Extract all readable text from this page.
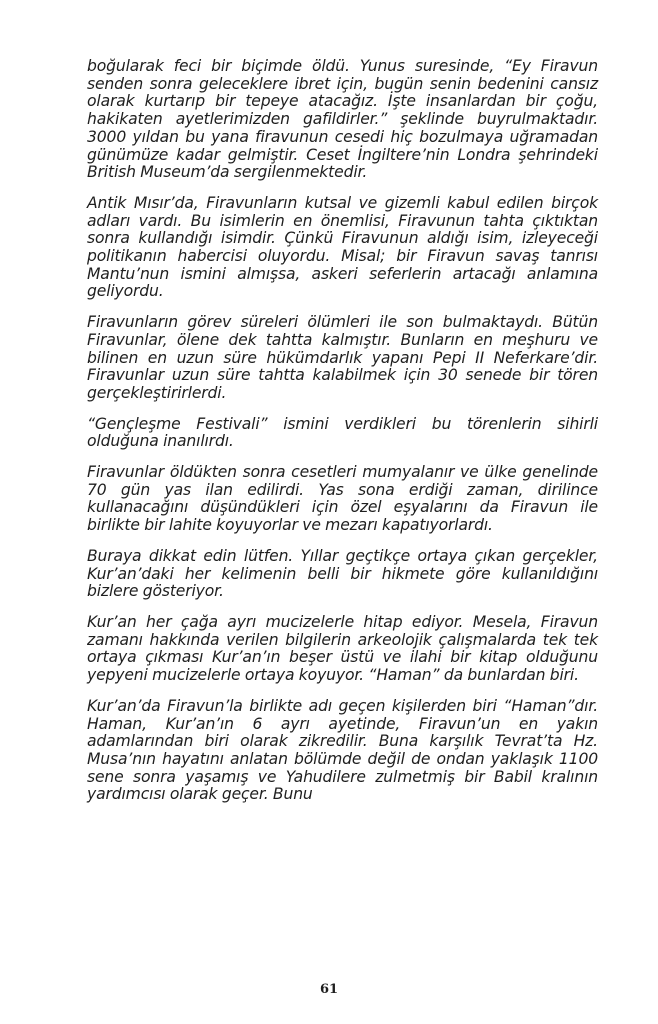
boğularak feci bir biçimde öldü. Yunus suresinde, “Ey Firavun senden sonra geleceklere ibret için, bugün senin bedenini cansız olarak kurtarıp bir tepeye atacağız. İşte insanlardan bir çoğu, hakikaten ayetlerimizden gafildirler.” şeklinde buyrulmaktadır. 3000 yıldan bu yana firavunun cesedi hiç bozulmaya uğramadan günümüze kadar gelmiştir. Ceset İngiltere’nin Londra şehrindeki British Museum’da sergilenmektedir.

Antik Mısır’da, Firavunların kutsal ve gizemli kabul edilen birçok adları vardı. Bu isimlerin en önemlisi, Firavunun tahta çıktıktan sonra kullandığı isimdir. Çünkü Firavunun aldığı isim, izleyeceği politikanın habercisi oluyordu. Misal; bir Firavun savaş tanrısı Mantu’nun ismini almışsa, askeri seferlerin artacağı anlamına geliyordu.

Firavunların görev süreleri ölümleri ile son bulmaktaydı. Bütün Firavunlar, ölene dek tahtta kalmıştır. Bunların en meşhuru ve bilinen en uzun süre hükümdarlık yapanı Pepi II Neferkare’dir. Firavunlar uzun süre tahtta kalabilmek için 30 senede bir tören gerçekleştirirlerdi.

“Gençleşme Festivali” ismini verdikleri bu törenlerin sihirli olduğuna inanılırdı.

Firavunlar öldükten sonra cesetleri mumyalanır ve ülke genelinde 70 gün yas ilan edilirdi. Yas sona erdiği zaman, dirilince kullanacağını düşündükleri için özel eşyalarını da Firavun ile birlikte bir lahite koyuyorlar ve mezarı kapatıyorlardı.

Buraya dikkat edin lütfen. Yıllar geçtikçe ortaya çıkan gerçekler, Kur’an’daki her kelimenin belli bir hikmete göre kullanıldığını bizlere gösteriyor.

Kur’an her çağa ayrı mucizelerle hitap ediyor. Mesela, Firavun zamanı hakkında verilen bilgilerin arkeolojik çalışmalarda tek tek ortaya çıkması Kur’an’ın beşer üstü ve ilahi bir kitap olduğunu yepyeni mucizelerle ortaya koyuyor. “Haman” da bunlardan biri.

Kur’an’da Firavun’la birlikte adı geçen kişilerden biri “Haman”dır. Haman, Kur’an’ın 6 ayrı ayetinde, Firavun’un en yakın adamlarından biri olarak zikredilir. Buna karşılık Tevrat’ta Hz. Musa’nın hayatını anlatan bölümde değil de ondan yaklaşık 1100 sene sonra yaşamış ve Yahudilere zulmetmiş bir Babil kralının yardımcısı olarak geçer. Bunu

61
